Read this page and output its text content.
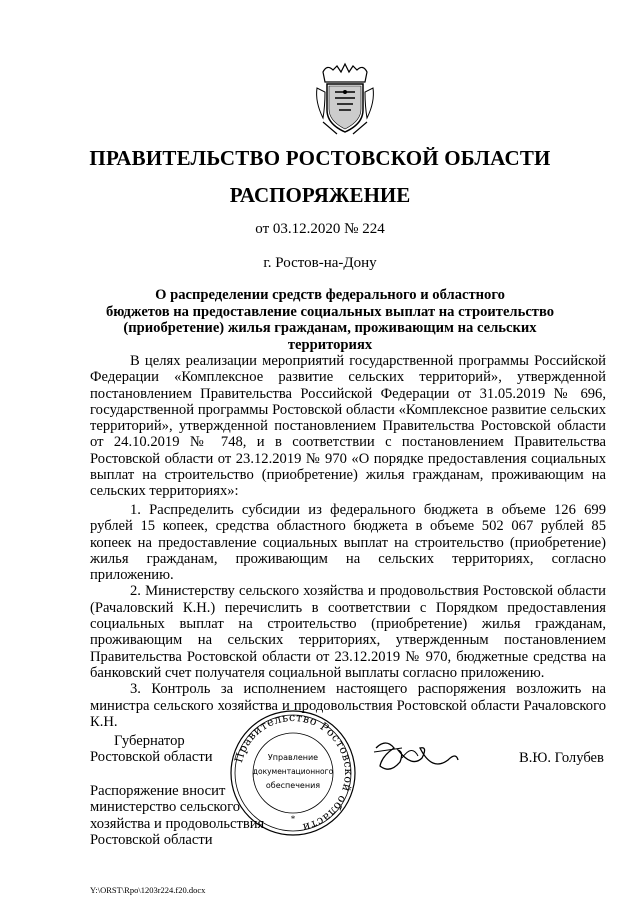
ПРАВИТЕЛЬСТВО РОСТОВСКОЙ ОБЛАСТИ
РАСПОРЯЖЕНИЕ
от 03.12.2020 № 224
г. Ростов-на-Дону
О распределении средств федерального и областного
бюджетов на предоставление социальных выплат на строительство
(приобретение) жилья гражданам, проживающим на сельских территориях
В целях реализации мероприятий государственной программы Российской Федерации «Комплексное развитие сельских территорий», утвержденной постановлением Правительства Российской Федерации от 31.05.2019 № 696, государственной программы Ростовской области «Комплексное развитие сельских территорий», утвержденной постановлением Правительства Ростовской области от 24.10.2019 № 748, и в соответствии с постановлением Правительства Ростовской области от 23.12.2019 № 970 «О порядке предоставления социальных выплат на строительство (приобретение) жилья гражданам, проживающим на сельских территориях»:

1. Распределить субсидии из федерального бюджета в объеме 126 699 рублей 15 копеек, средства областного бюджета в объеме 502 067 рублей 85 копеек на предоставление социальных выплат на строительство (приобретение) жилья гражданам, проживающим на сельских территориях, согласно приложению.

2. Министерству сельского хозяйства и продовольствия Ростовской области (Рачаловский К.Н.) перечислить в соответствии с Порядком предоставления социальных выплат на строительство (приобретение) жилья гражданам, проживающим на сельских территориях, утвержденным постановлением Правительства Ростовской области от 23.12.2019 № 970, бюджетные средства на банковский счет получателя социальной выплаты согласно приложению.

3. Контроль за исполнением настоящего распоряжения возложить на министра сельского хозяйства и продовольствия Ростовской области Рачаловского К.Н.

Губернатор
Ростовской области Правительство Ростовской области
Управление
документационного
обеспечения
*
В.Ю. Голубев
Распоряжение вносит
министерство сельского
хозяйства и продовольствия
Ростовской области
Y:\ORST\Rpo\1203r224.f20.docx
